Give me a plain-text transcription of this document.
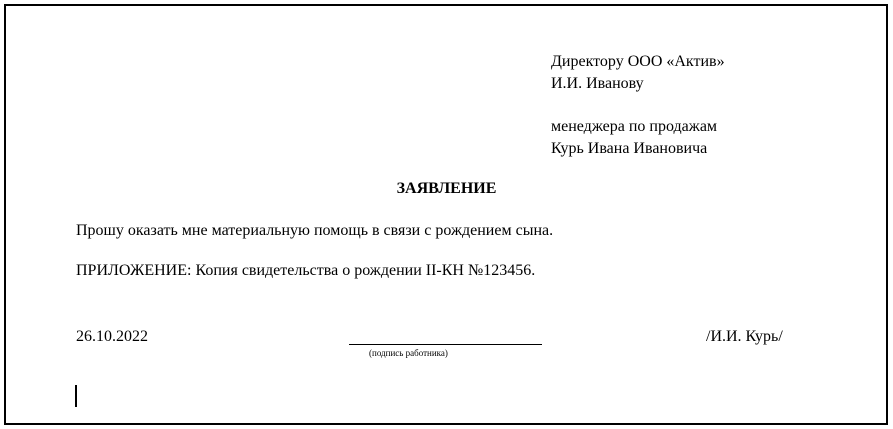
Директору ООО «Актив»
И.И. Иванову
менеджера по продажам
Курь Ивана Ивановича
ЗАЯВЛЕНИЕ
Прошу оказать мне материальную помощь в связи с рождением сына.
ПРИЛОЖЕНИЕ: Копия свидетельства о рождении II-КН №123456.
26.10.2022
(подпись работника)
/И.И. Курь/
